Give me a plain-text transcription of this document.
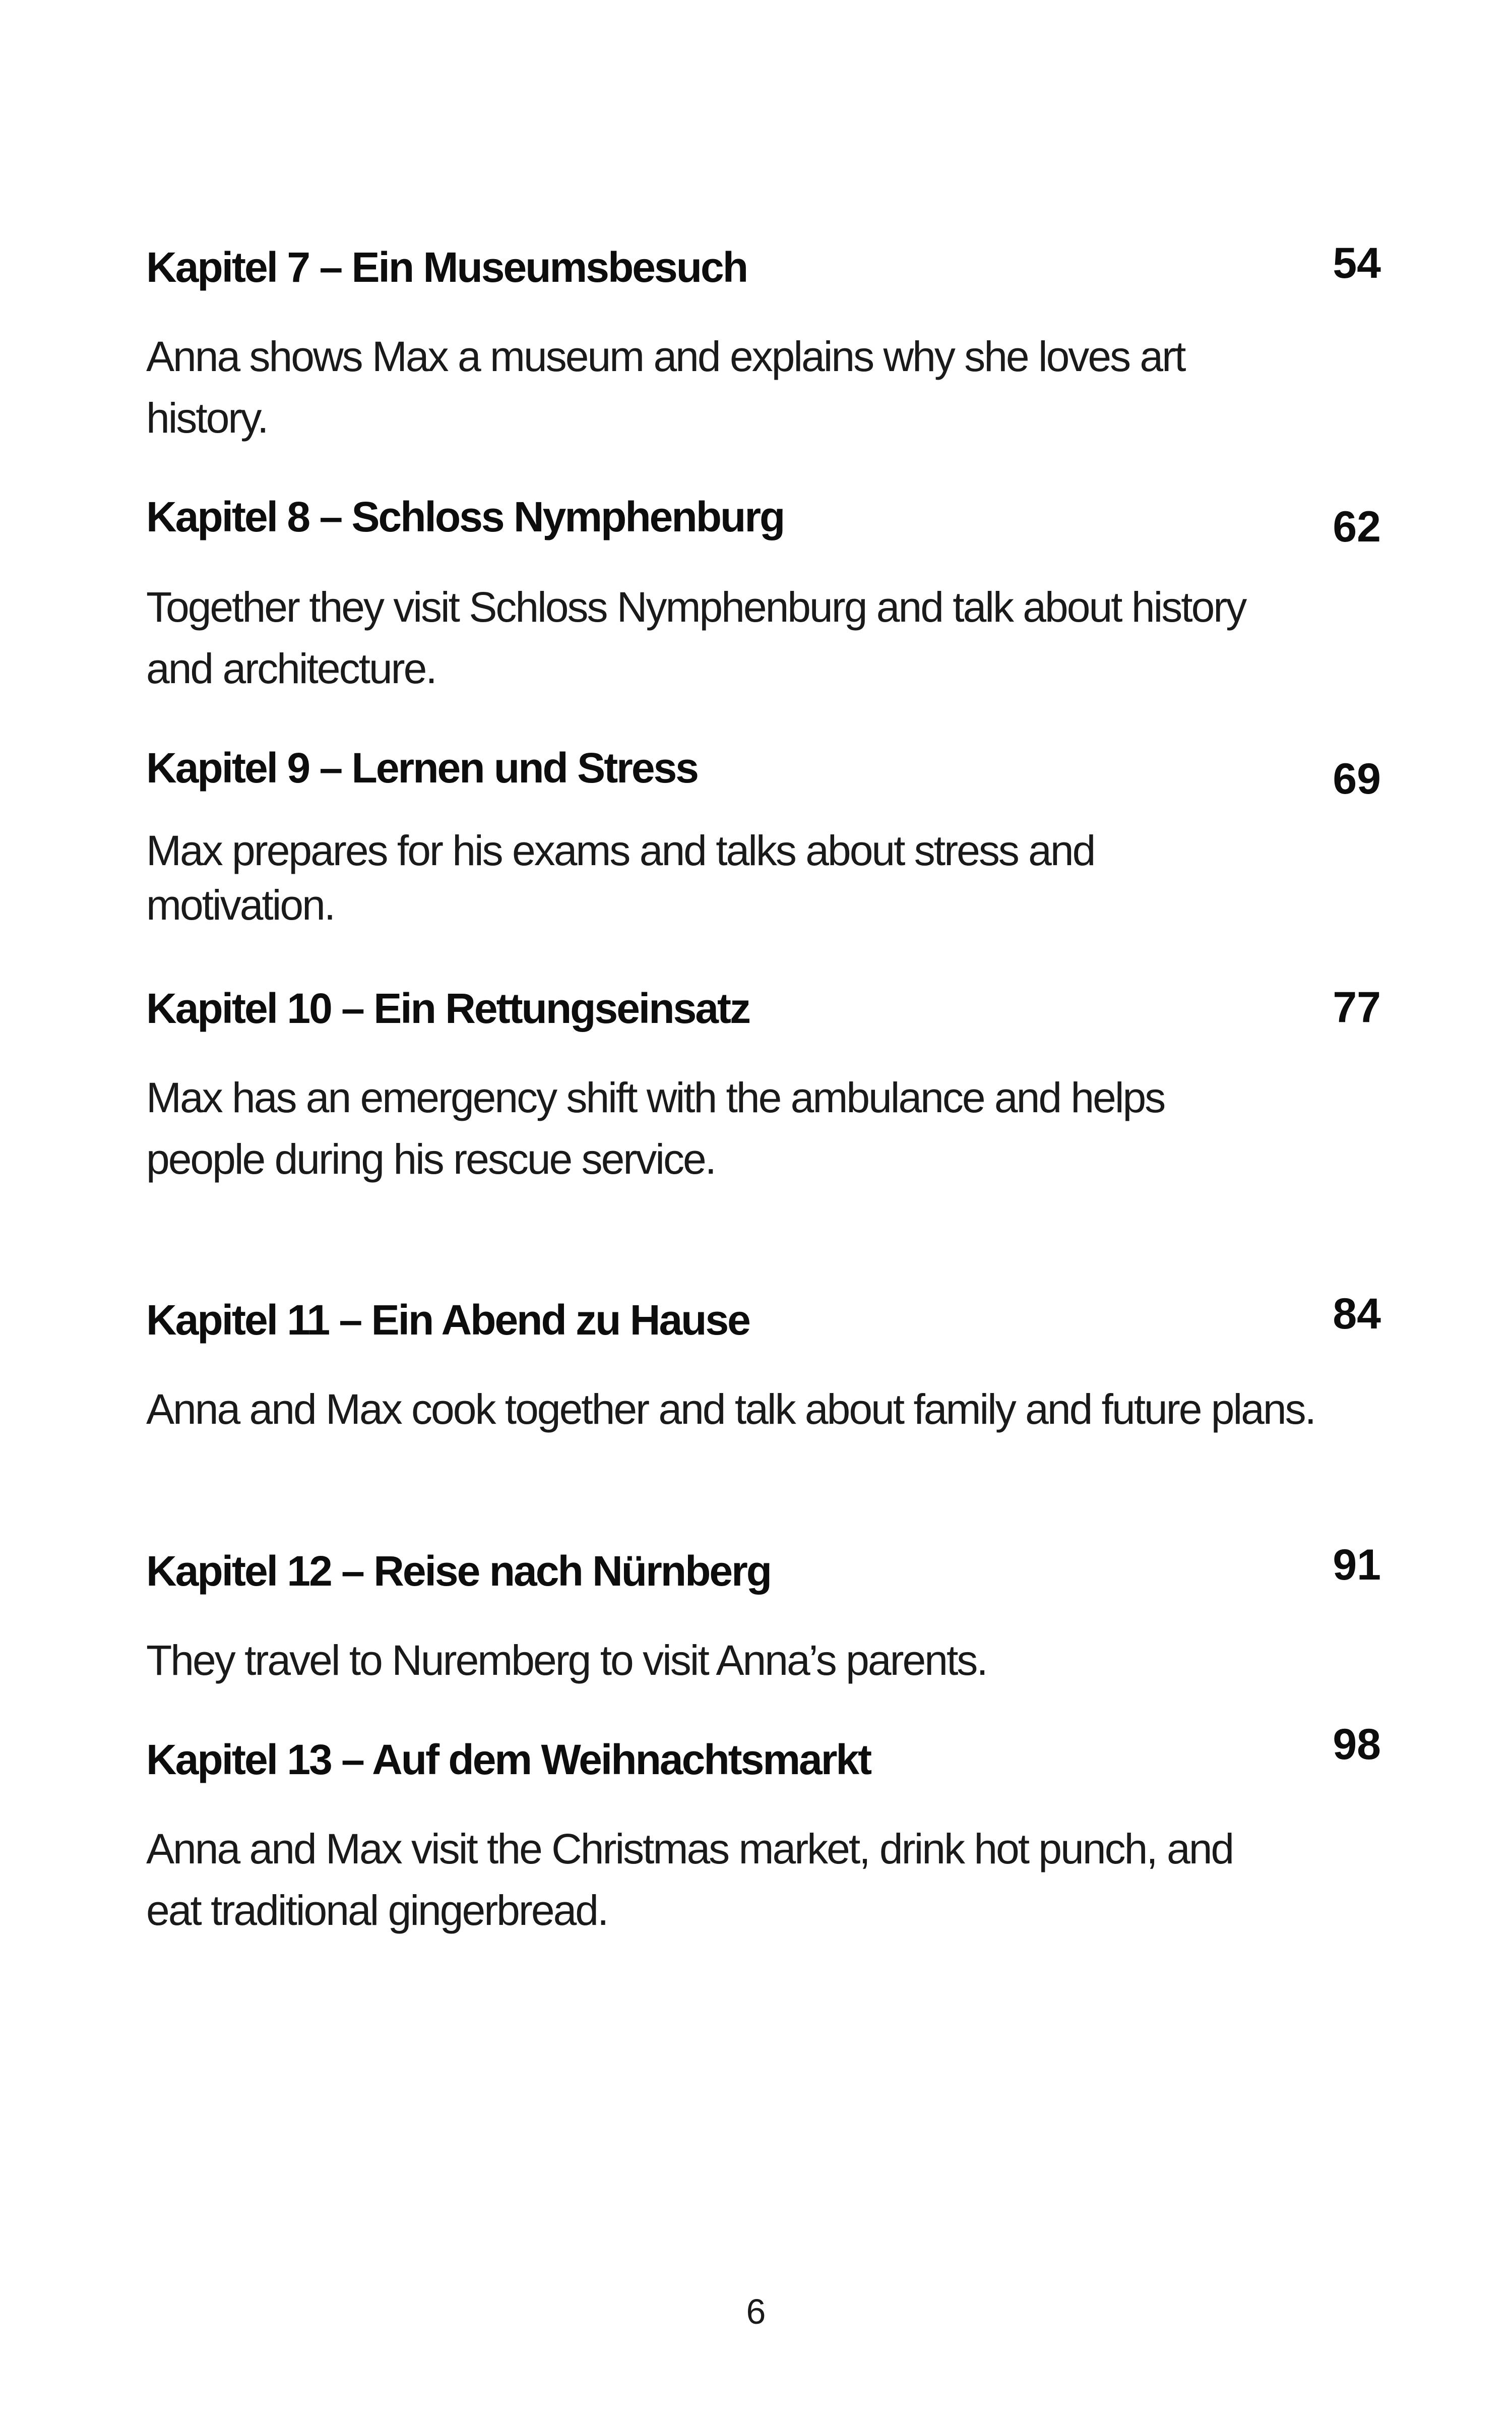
Kapitel 7 – Ein Museumsbesuch	54
Anna shows Max a museum and explains why she loves art history.
Kapitel 8 – Schloss Nymphenburg	62
Together they visit Schloss Nymphenburg and talk about history and architecture.
Kapitel 9 – Lernen und Stress	69
Max prepares for his exams and talks about stress and motivation.
Kapitel 10 – Ein Rettungseinsatz	77
Max has an emergency shift with the ambulance and helps people during his rescue service.
Kapitel 11 – Ein Abend zu Hause	84
Anna and Max cook together and talk about family and future plans.
Kapitel 12 – Reise nach Nürnberg	91
They travel to Nuremberg to visit Anna’s parents.
Kapitel 13 – Auf dem Weihnachtsmarkt	98
Anna and Max visit the Christmas market, drink hot punch, and eat traditional gingerbread.
6
